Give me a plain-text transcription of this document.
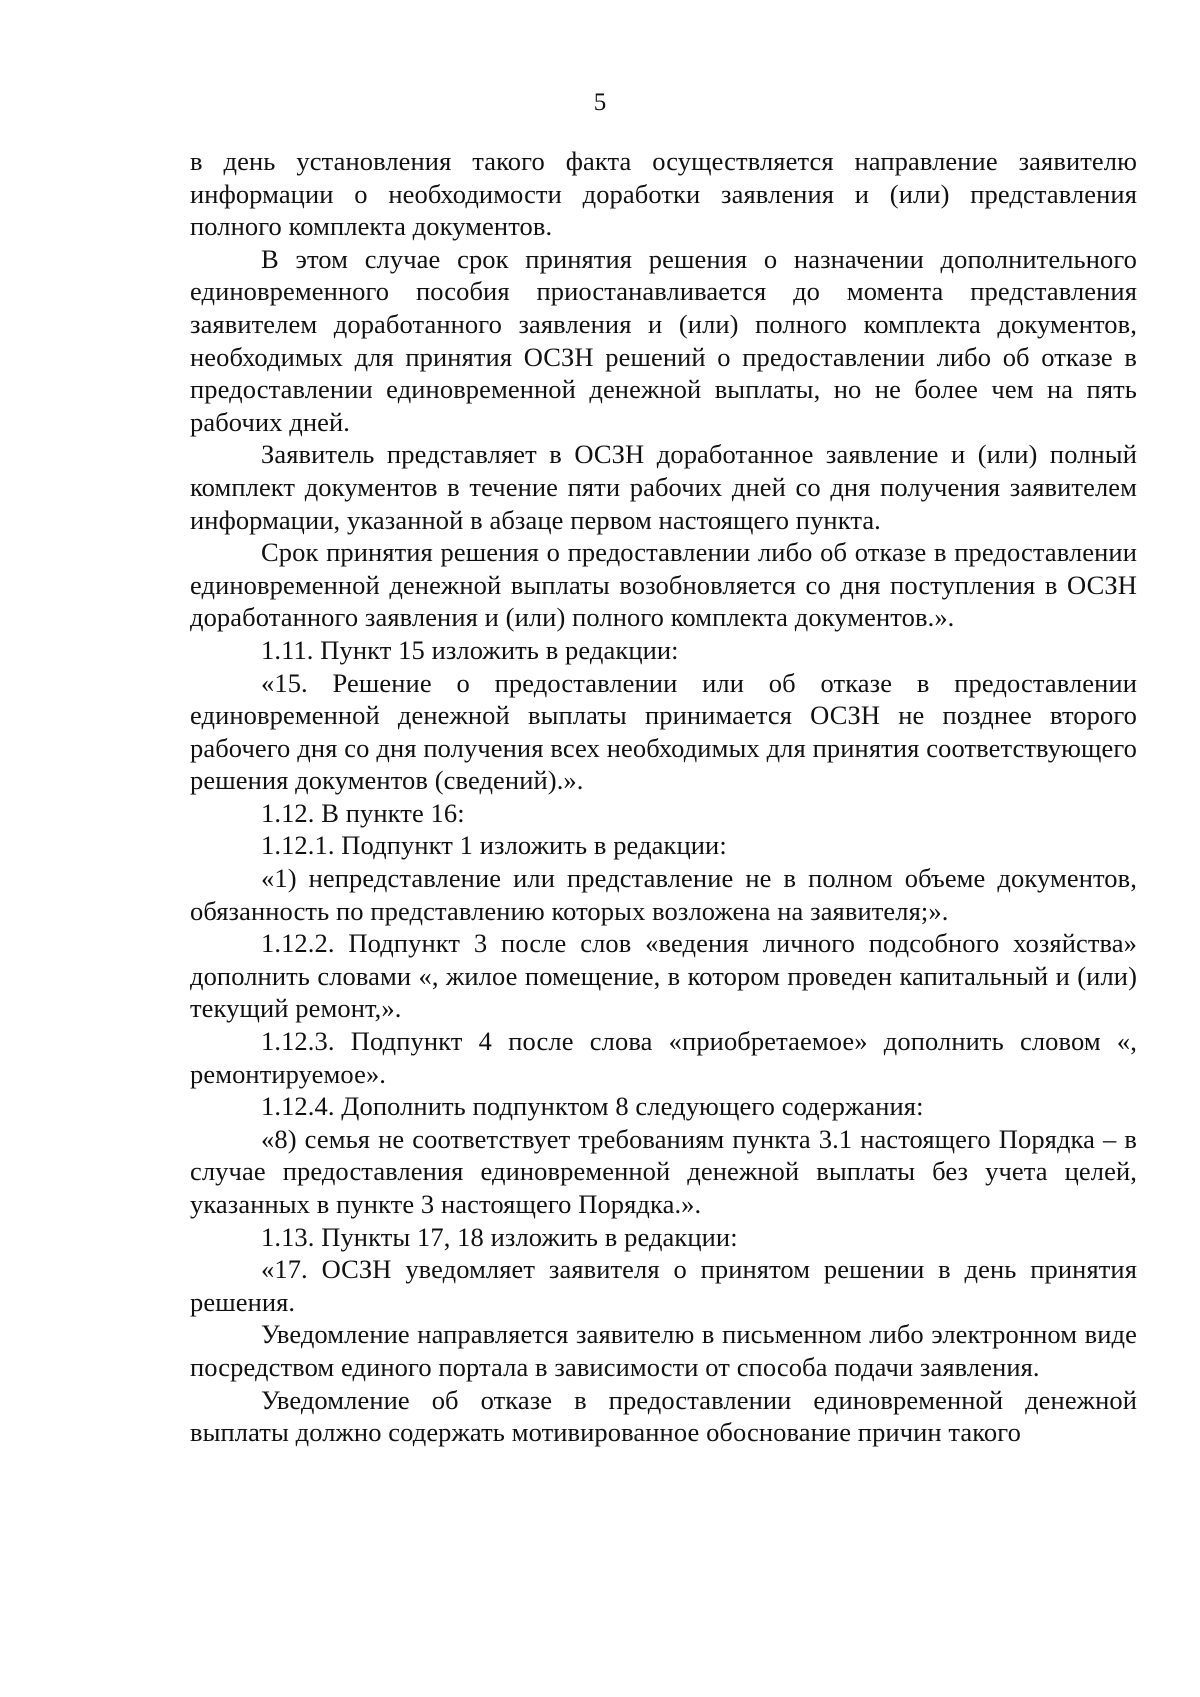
5

в день установления такого факта осуществляется направление заявителю информации о необходимости доработки заявления и (или) представления полного комплекта документов.

В этом случае срок принятия решения о назначении дополнительного единовременного пособия приостанавливается до момента представления заявителем доработанного заявления и (или) полного комплекта документов, необходимых для принятия ОСЗН решений о предоставлении либо об отказе в предоставлении единовременной денежной выплаты, но не более чем на пять рабочих дней.

Заявитель представляет в ОСЗН доработанное заявление и (или) полный комплект документов в течение пяти рабочих дней со дня получения заявителем информации, указанной в абзаце первом настоящего пункта.

Срок принятия решения о предоставлении либо об отказе в предоставлении единовременной денежной выплаты возобновляется со дня поступления в ОСЗН доработанного заявления и (или) полного комплекта документов.».

1.11. Пункт 15 изложить в редакции:

«15. Решение о предоставлении или об отказе в предоставлении единовременной денежной выплаты принимается ОСЗН не позднее второго рабочего дня со дня получения всех необходимых для принятия соответствующего решения документов (сведений).».

1.12. В пункте 16:

1.12.1. Подпункт 1 изложить в редакции:

«1) непредставление или представление не в полном объеме документов, обязанность по представлению которых возложена на заявителя;».

1.12.2. Подпункт 3 после слов «ведения личного подсобного хозяйства» дополнить словами «, жилое помещение, в котором проведен капитальный и (или) текущий ремонт,».

1.12.3. Подпункт 4 после слова «приобретаемое» дополнить словом «, ремонтируемое».

1.12.4. Дополнить подпунктом 8 следующего содержания:

«8) семья не соответствует требованиям пункта 3.1 настоящего Порядка – в случае предоставления единовременной денежной выплаты без учета целей, указанных в пункте 3 настоящего Порядка.».

1.13. Пункты 17, 18 изложить в редакции:

«17. ОСЗН уведомляет заявителя о принятом решении в день принятия решения.

Уведомление направляется заявителю в письменном либо электронном виде посредством единого портала в зависимости от способа подачи заявления.

Уведомление об отказе в предоставлении единовременной денежной выплаты должно содержать мотивированное обоснование причин такого
